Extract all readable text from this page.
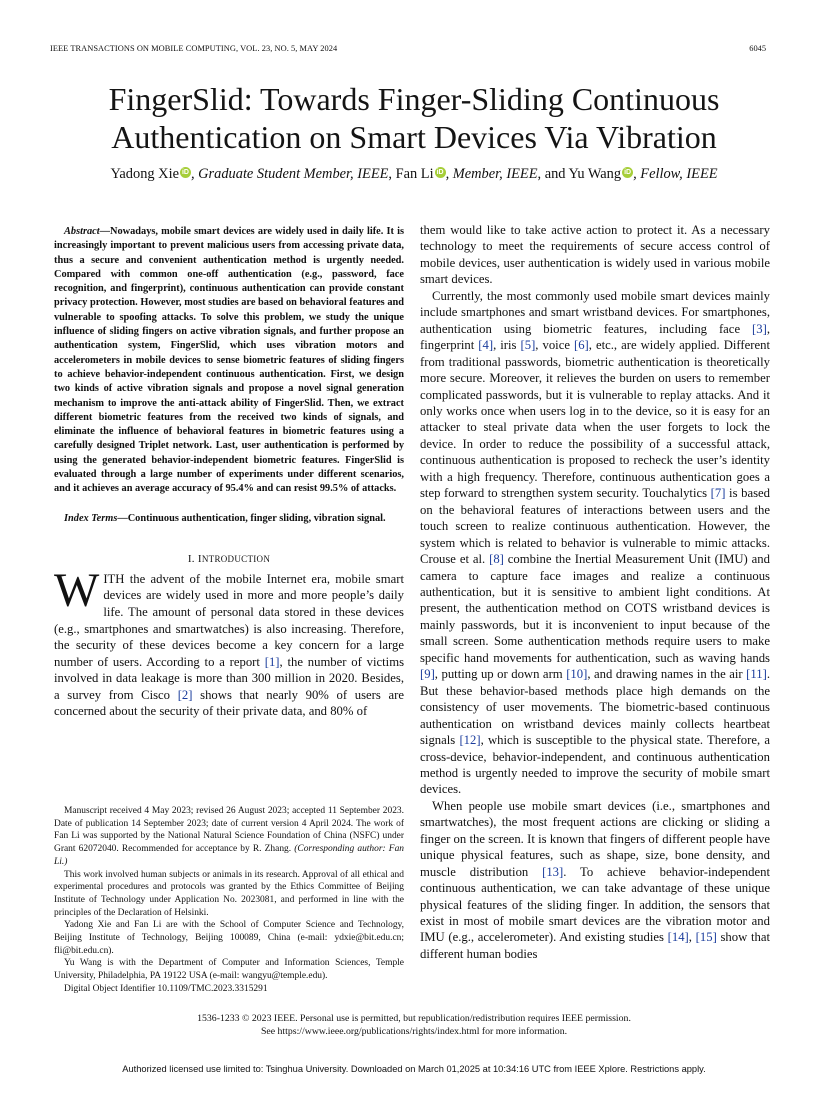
IEEE TRANSACTIONS ON MOBILE COMPUTING, VOL. 23, NO. 5, MAY 2024	6045
FingerSlid: Towards Finger-Sliding Continuous
Authentication on Smart Devices Via Vibration
Yadong Xie iD , Graduate Student Member, IEEE, Fan Li iD , Member, IEEE, and Yu Wang iD , Fellow, IEEE

Abstract—Nowadays, mobile smart devices are widely used in daily life. It is increasingly important to prevent malicious users from accessing private data, thus a secure and convenient authentication method is urgently needed. Compared with common one-off authentication (e.g., password, face recognition, and fingerprint), continuous authentication can provide constant privacy protection. However, most studies are based on behavioral features and vulnerable to spoofing attacks. To solve this problem, we study the unique influence of sliding fingers on active vibration signals, and further propose an authentication system, FingerSlid, which uses vibration motors and accelerometers in mobile devices to sense biometric features of sliding fingers to achieve behavior-independent continuous authentication. First, we design two kinds of active vibration signals and propose a novel signal generation mechanism to improve the anti-attack ability of FingerSlid. Then, we extract different biometric features from the received two kinds of signals, and eliminate the influence of behavioral features in biometric features using a carefully designed Triplet network. Last, user authentication is performed by using the generated behavior-independent biometric features. FingerSlid is evaluated through a large number of experiments under different scenarios, and it achieves an average accuracy of 95.4% and can resist 99.5% of attacks.

Index Terms—Continuous authentication, finger sliding, vibration signal.

I. INTRODUCTION

WITH the advent of the mobile Internet era, mobile smart devices are widely used in more and more people’s daily life. The amount of personal data stored in these devices (e.g., smartphones and smartwatches) is also increasing. Therefore, the security of these devices become a key concern for a large number of users. According to a report [1], the number of victims involved in data leakage is more than 300 million in 2020. Besides, a survey from Cisco [2] shows that nearly 90% of users are concerned about the security of their private data, and 80% of

Manuscript received 4 May 2023; revised 26 August 2023; accepted 11 September 2023. Date of publication 14 September 2023; date of current version 4 April 2024. The work of Fan Li was supported by the National Natural Science Foundation of China (NSFC) under Grant 62072040. Recommended for acceptance by R. Zhang. (Corresponding author: Fan Li.)

This work involved human subjects or animals in its research. Approval of all ethical and experimental procedures and protocols was granted by the Ethics Committee of Beijing Institute of Technology under Application No. 2023081, and performed in line with the principles of the Declaration of Helsinki.

Yadong Xie and Fan Li are with the School of Computer Science and Technology, Beijing Institute of Technology, Beijing 100089, China (e-mail: ydxie@bit.edu.cn; fli@bit.edu.cn).

Yu Wang is with the Department of Computer and Information Sciences, Temple University, Philadelphia, PA 19122 USA (e-mail: wangyu@temple.edu).

Digital Object Identifier 10.1109/TMC.2023.3315291

them would like to take active action to protect it. As a necessary technology to meet the requirements of secure access control of mobile devices, user authentication is widely used in various mobile smart devices.

Currently, the most commonly used mobile smart devices mainly include smartphones and smart wristband devices. For smartphones, authentication using biometric features, including face [3], fingerprint [4], iris [5], voice [6], etc., are widely applied. Different from traditional passwords, biometric authentication is theoretically more secure. Moreover, it relieves the burden on users to remember complicated passwords, but it is vulnerable to replay attacks. And it only works once when users log in to the device, so it is easy for an attacker to steal private data when the user forgets to lock the device. In order to reduce the possibility of a successful attack, continuous authentication is proposed to recheck the user’s identity with a high frequency. Therefore, continuous authentication goes a step forward to strengthen system security. Touchalytics [7] is based on the behavioral features of interactions between users and the touch screen to realize continuous authentication. However, the system which is related to behavior is vulnerable to mimic attacks. Crouse et al. [8] combine the Inertial Measurement Unit (IMU) and camera to capture face images and realize a continuous authentication, but it is sensitive to ambient light conditions. At present, the authentication method on COTS wristband devices is mainly passwords, but it is inconvenient to input because of the small screen. Some authentication methods require users to make specific hand movements for authentication, such as waving hands [9], putting up or down arm [10], and drawing names in the air [11]. But these behavior-based methods place high demands on the consistency of user movements. The biometric-based continuous authentication on wristband devices mainly collects heartbeat signals [12], which is susceptible to the physical state. Therefore, a cross-device, behavior-independent, and continuous authentication method is urgently needed to improve the security of mobile smart devices.

When people use mobile smart devices (i.e., smartphones and smartwatches), the most frequent actions are clicking or sliding a finger on the screen. It is known that fingers of different people have unique physical features, such as shape, size, bone density, and muscle distribution [13]. To achieve behavior-independent continuous authentication, we can take advantage of these unique physical features of the sliding finger. In addition, the sensors that exist in most of mobile smart devices are the vibration motor and IMU (e.g., accelerometer). And existing studies [14], [15] show that different human bodies

1536-1233 © 2023 IEEE. Personal use is permitted, but republication/redistribution requires IEEE permission.
See https://www.ieee.org/publications/rights/index.html for more information.
Authorized licensed use limited to: Tsinghua University. Downloaded on March 01,2025 at 10:34:16 UTC from IEEE Xplore. Restrictions apply.
